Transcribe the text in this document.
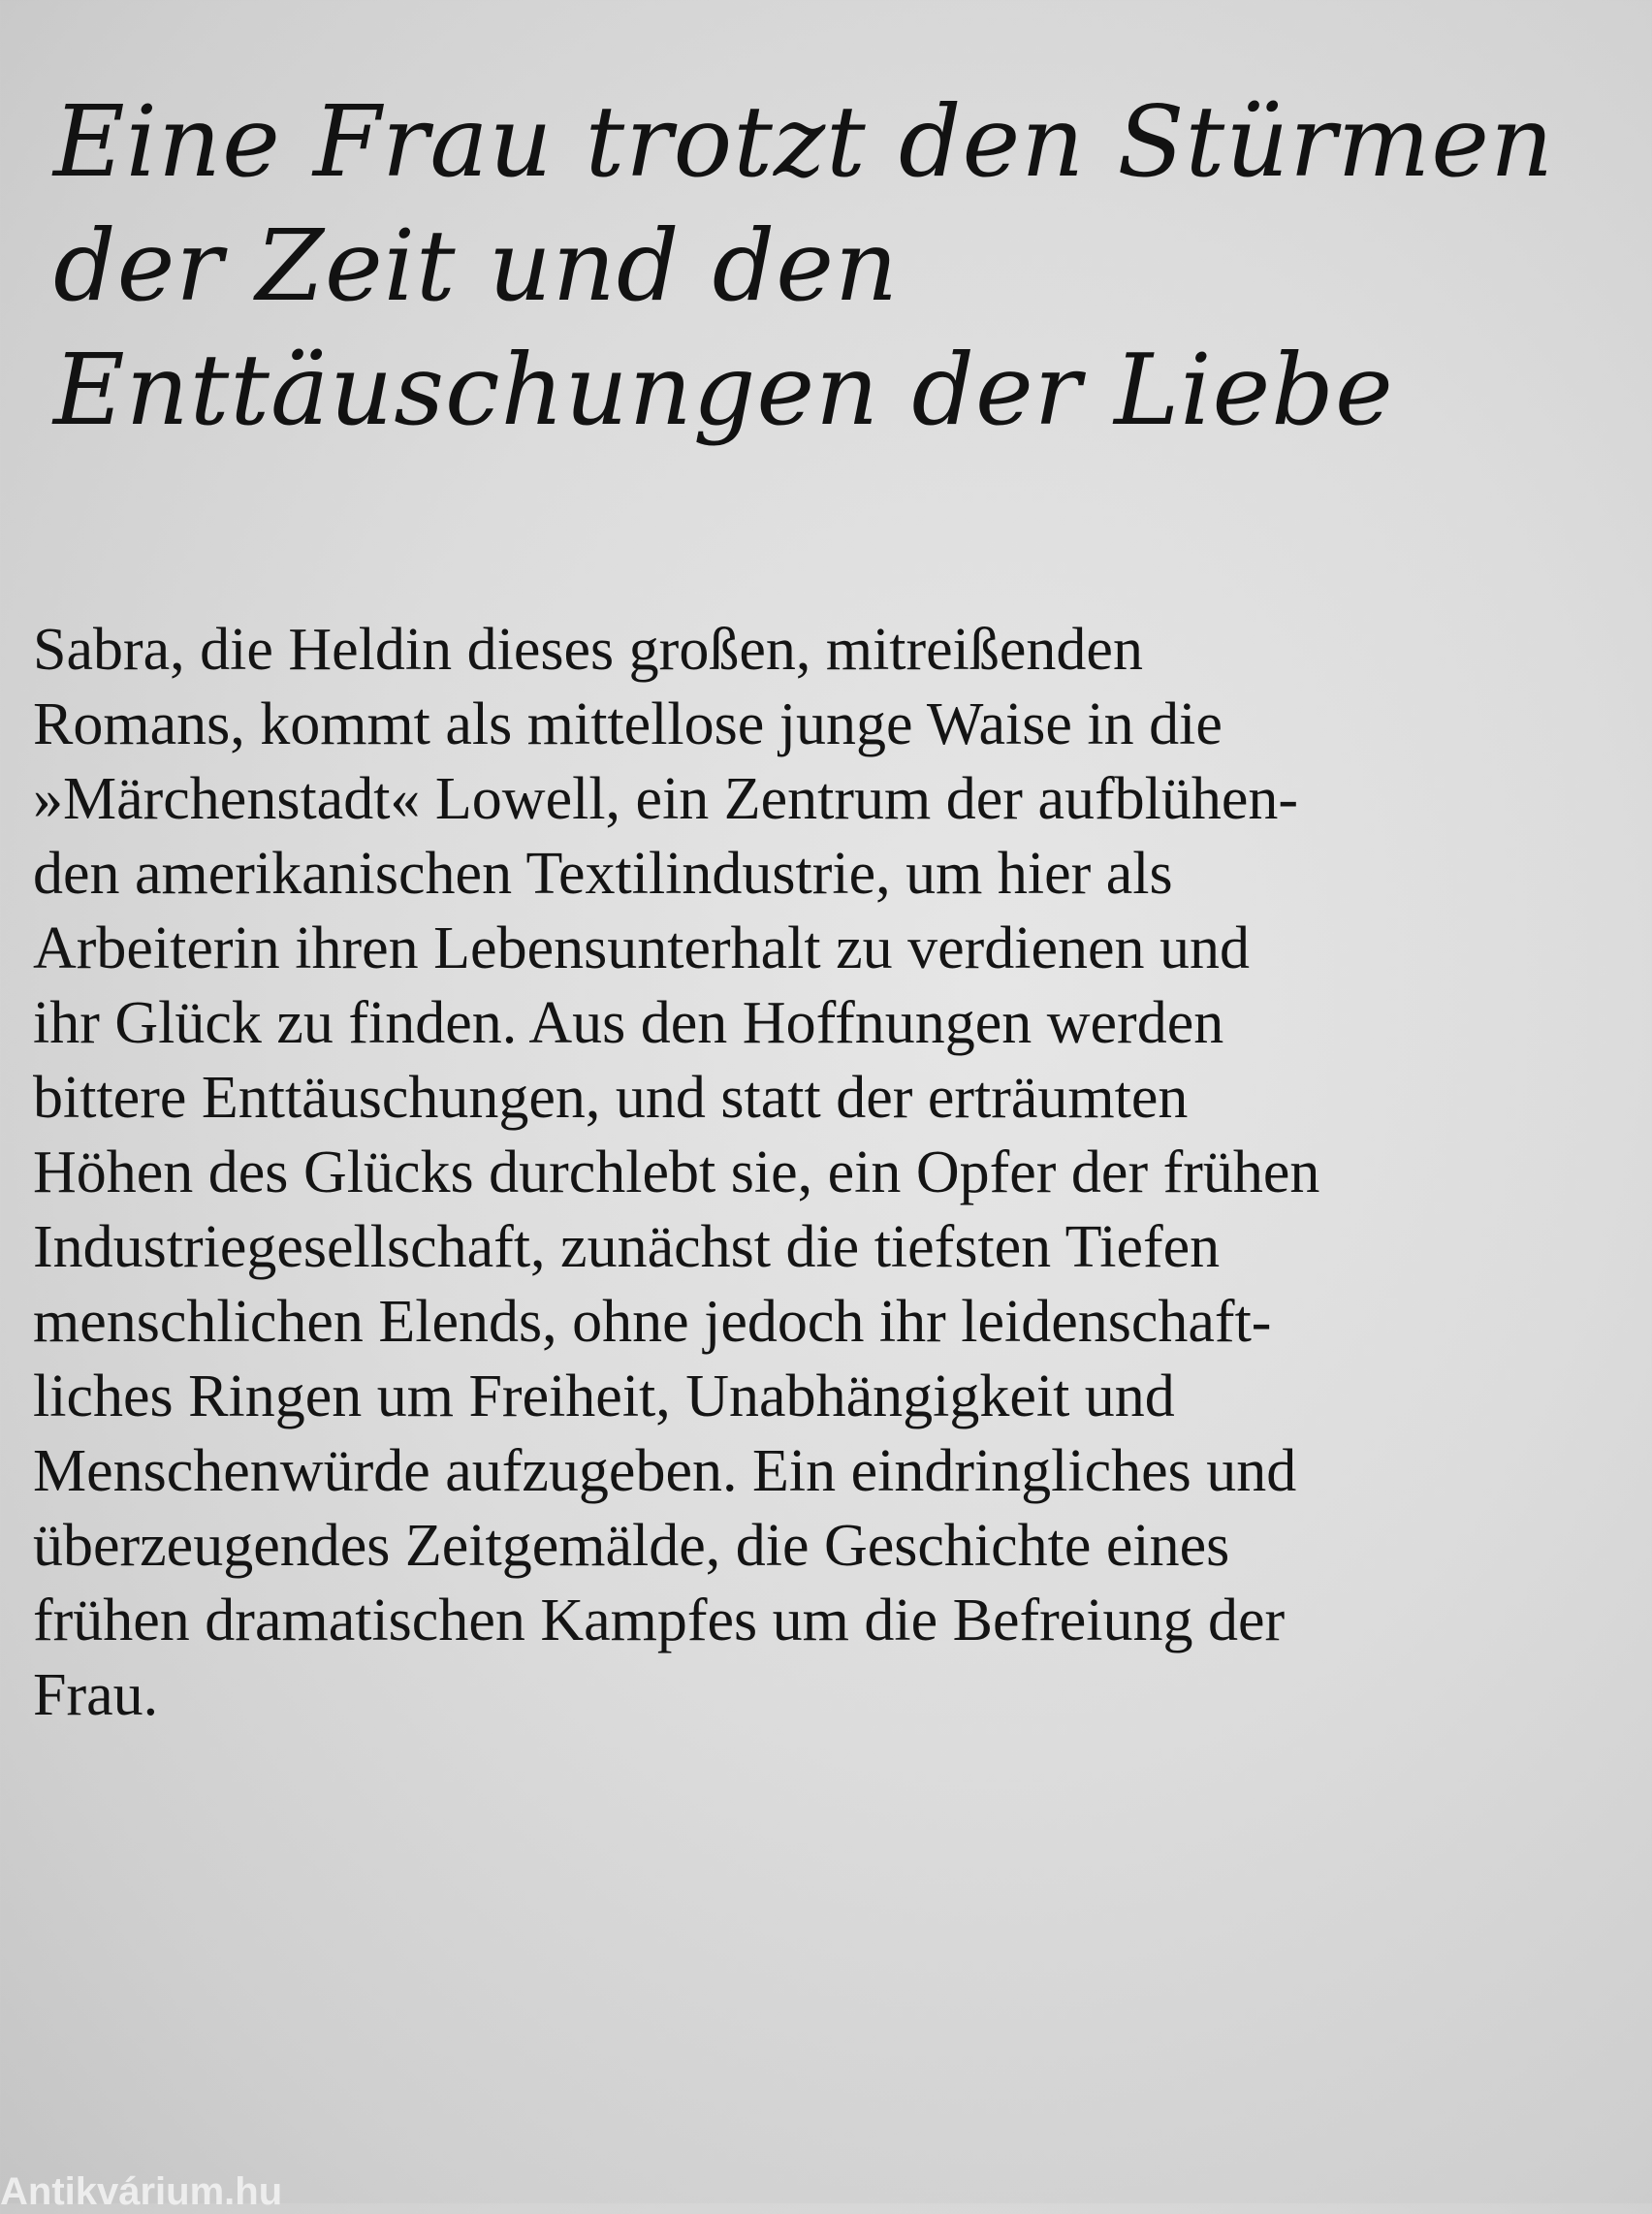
Eine Frau trotzt den Stürmen
der Zeit und den
Enttäuschungen der Liebe
Sabra, die Heldin dieses großen, mitreißenden
Romans, kommt als mittellose junge Waise in die
»Märchenstadt« Lowell, ein Zentrum der aufblühen-
den amerikanischen Textilindustrie, um hier als
Arbeiterin ihren Lebensunterhalt zu verdienen und
ihr Glück zu finden. Aus den Hoffnungen werden
bittere Enttäuschungen, und statt der erträumten
Höhen des Glücks durchlebt sie, ein Opfer der frühen
Industriegesellschaft, zunächst die tiefsten Tiefen
menschlichen Elends, ohne jedoch ihr leidenschaft-
liches Ringen um Freiheit, Unabhängigkeit und
Menschenwürde aufzugeben. Ein eindringliches und
überzeugendes Zeitgemälde, die Geschichte eines
frühen dramatischen Kampfes um die Befreiung der
Frau.
Antikvárium.hu
